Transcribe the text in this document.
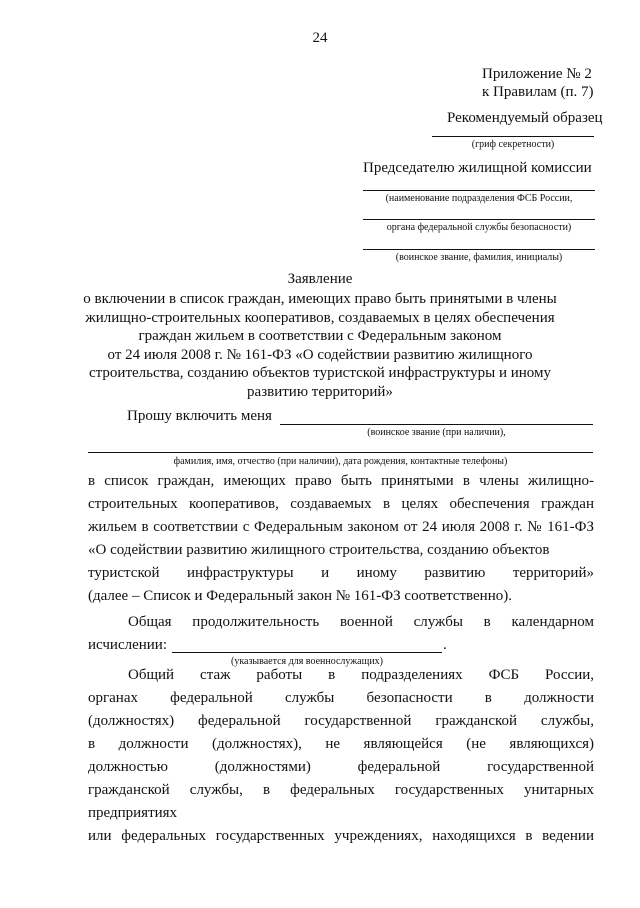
24
Приложение № 2
к Правилам (п. 7)
Рекомендуемый образец
(гриф секретности)
Председателю жилищной комиссии
(наименование подразделения ФСБ России,
органа федеральной службы безопасности)
(воинское звание, фамилия, инициалы)
Заявление
о включении в список граждан, имеющих право быть принятыми в члены
жилищно-строительных кооперативов, создаваемых в целях обеспечения
граждан жильем в соответствии с Федеральным законом
от 24 июля 2008 г. № 161-ФЗ «О содействии развитию жилищного
строительства, созданию объектов туристской инфраструктуры и иному
развитию территорий»
Прошу включить меня
(воинское звание (при наличии),
фамилия, имя, отчество (при наличии), дата рождения, контактные телефоны)
в список граждан, имеющих право быть принятыми в члены жилищно-
строительных кооперативов, создаваемых в целях обеспечения граждан
жильем в соответствии с Федеральным законом от 24 июля 2008 г. № 161-ФЗ
«О содействии развитию жилищного строительства, созданию объектов
туристской инфраструктуры и иному развитию территорий»
(далее – Список и Федеральный закон № 161-ФЗ соответственно).
Общая продолжительность военной службы в календарном
исчислении:	.
(указывается для военнослужащих)
Общий стаж работы в подразделениях ФСБ России,
органах федеральной службы безопасности в должности
(должностях) федеральной государственной гражданской службы,
в должности (должностях), не являющейся (не являющихся)
должностью (должностями) федеральной государственной
гражданской службы, в федеральных государственных унитарных предприятиях
или федеральных государственных учреждениях, находящихся в ведении
